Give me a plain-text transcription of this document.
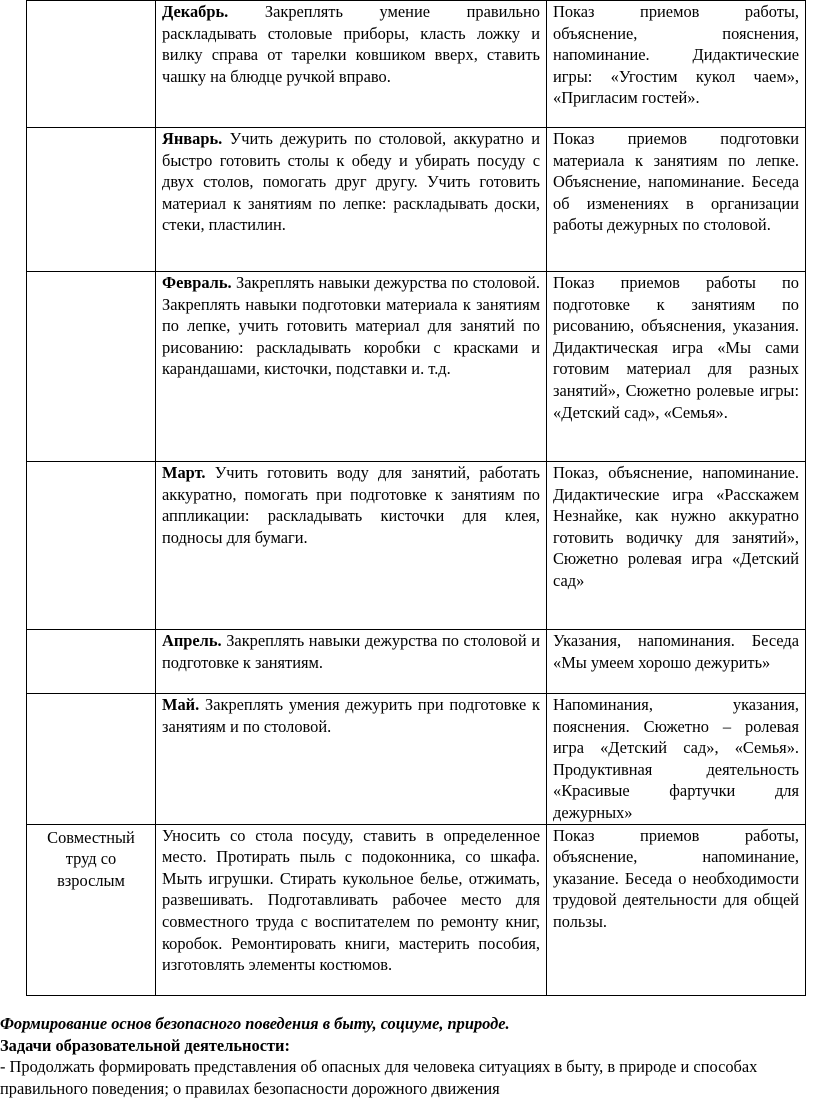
	Декабрь. Закреплять умение правильно раскладывать столовые приборы, класть ложку и вилку справа от тарелки ковшиком вверх, ставить чашку на блюдце ручкой вправо.	Показ приемов работы, объяснение, пояснения, напоминание. Дидактические игры: «Угостим кукол чаем», «Пригласим гостей».
	Январь. Учить дежурить по столовой, аккуратно и быстро готовить столы к обеду и убирать посуду с двух столов, помогать друг другу. Учить готовить материал к занятиям по лепке: раскладывать доски, стеки, пластилин.	Показ приемов подготовки материала к занятиям по лепке. Объяснение, напоминание. Беседа об изменениях в организации работы дежурных по столовой.
	Февраль. Закреплять навыки дежурства по столовой. Закреплять навыки подготовки материала к занятиям по лепке, учить готовить материал для занятий по рисованию: раскладывать коробки с красками и карандашами, кисточки, подставки и. т.д.	Показ приемов работы по подготовке к занятиям по рисованию, объяснения, указания. Дидактическая игра «Мы сами готовим материал для разных занятий», Сюжетно ролевые игры: «Детский сад», «Семья».
	Март. Учить готовить воду для занятий, работать аккуратно, помогать при подготовке к занятиям по аппликации: раскладывать кисточки для клея, подносы для бумаги.	Показ, объяснение, напоминание. Дидактические игра «Расскажем Незнайке, как нужно аккуратно готовить водичку для занятий», Сюжетно ролевая игра «Детский сад»
	Апрель. Закреплять навыки дежурства по столовой и подготовке к занятиям.	Указания, напоминания. Беседа «Мы умеем хорошо дежурить»
	Май. Закреплять умения дежурить при подготовке к занятиям и по столовой.	Напоминания, указания, пояснения. Сюжетно – ролевая игра «Детский сад», «Семья». Продуктивная деятельность «Красивые фартучки для дежурных»
Совместный труд со взрослым	Уносить со стола посуду, ставить в определенное место. Протирать пыль с подоконника, со шкафа. Мыть игрушки. Стирать кукольное белье, отжимать, развешивать. Подготавливать рабочее место для совместного труда с воспитателем по ремонту книг, коробок. Ремонтировать книги, мастерить пособия, изготовлять элементы костюмов.	Показ приемов работы, объяснение, напоминание, указание. Беседа о необходимости трудовой деятельности для общей пользы.
Формирование основ безопасного поведения в быту, социуме, природе.
Задачи образовательной деятельности:
- Продолжать формировать представления об опасных для человека ситуациях в быту, в природе и способах правильного поведения; о правилах безопасности дорожного движения
